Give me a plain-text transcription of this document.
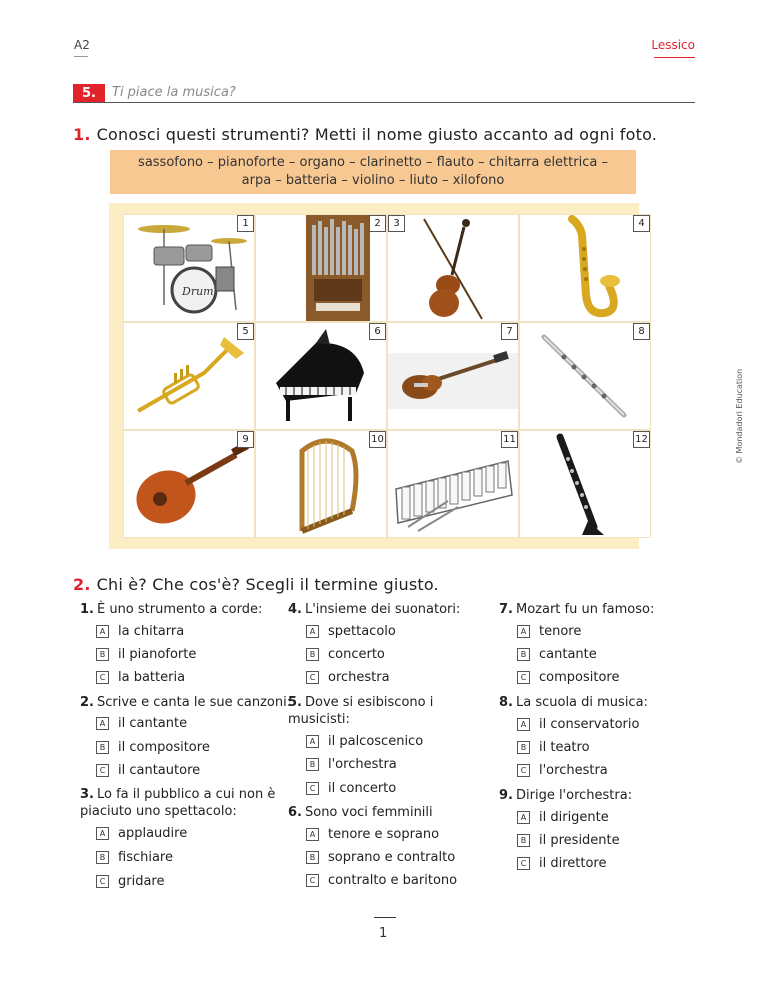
A2	Lessico
5.	Ti piace la musica?
1. Conosci questi strumenti? Metti il nome giusto accanto ad ogni foto.
sassofono – pianoforte – organo – clarinetto – flauto – chitarra elettrica –
arpa – batteria – violino – liuto – xilofono
Drum
1	2	3	4
5	6	7	8
9	10	11	12	© Mondadori Education
2. Chi è? Che cos'è? Scegli il termine giusto.
1. È uno strumento a corde:
A la chitarra
B il pianoforte
C la batteria
2. Scrive e canta le sue canzoni:
A il cantante
B il compositore
C il cantautore
3. Lo fa il pubblico a cui non è piaciuto uno spettacolo:
A applaudire
B fischiare
C gridare
4. L'insieme dei suonatori:
A spettacolo
B concerto
C orchestra
5. Dove si esibiscono i musicisti:
A il palcoscenico
B l'orchestra
C il concerto
6. Sono voci femminili
A tenore e soprano
B soprano e contralto
C contralto e baritono
7. Mozart fu un famoso:
A tenore
B cantante
C compositore
8. La scuola di musica:
A il conservatorio
B il teatro
C l'orchestra
9. Dirige l'orchestra:
A il dirigente
B il presidente
C il direttore
1
